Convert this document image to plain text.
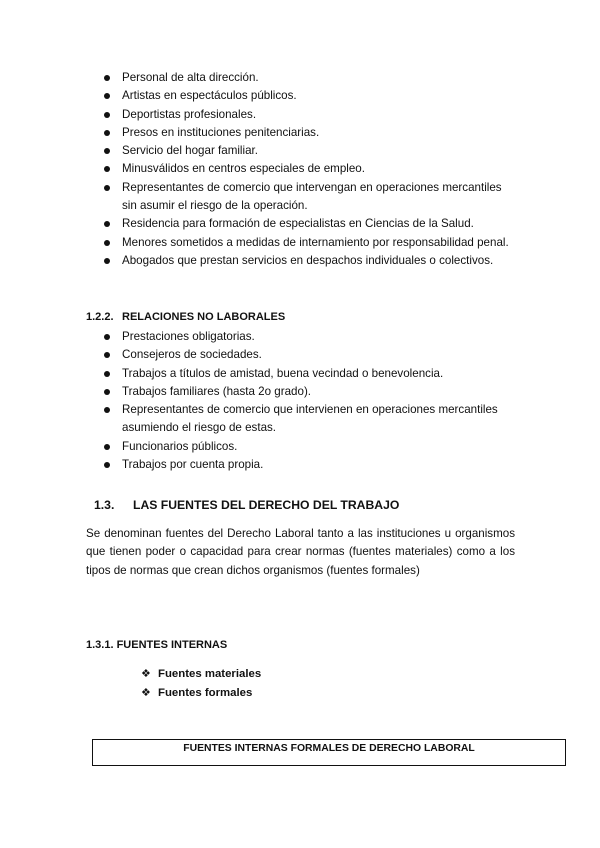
Personal de alta dirección.
Artistas en espectáculos públicos.
Deportistas profesionales.
Presos en instituciones penitenciarias.
Servicio del hogar familiar.
Minusválidos en centros especiales de empleo.
Representantes de comercio que intervengan en operaciones mercantiles sin asumir el riesgo de la operación.
Residencia para formación de especialistas en Ciencias de la Salud.
Menores sometidos a medidas de internamiento por responsabilidad penal.
Abogados que prestan servicios en despachos individuales o colectivos.
1.2.2. RELACIONES NO LABORALES
Prestaciones obligatorias.
Consejeros de sociedades.
Trabajos a títulos de amistad, buena vecindad o benevolencia.
Trabajos familiares (hasta 2o grado).
Representantes de comercio que intervienen en operaciones mercantiles asumiendo el riesgo de estas.
Funcionarios públicos.
Trabajos por cuenta propia.
1.3. LAS FUENTES DEL DERECHO DEL TRABAJO

Se denominan fuentes del Derecho Laboral tanto a las instituciones u organismos que tienen poder o capacidad para crear normas (fuentes materiales) como a los tipos de normas que crean dichos organismos (fuentes formales)

1.3.1. FUENTES INTERNAS
❖ Fuentes materiales
❖ Fuentes formales
FUENTES INTERNAS FORMALES DE DERECHO LABORAL
